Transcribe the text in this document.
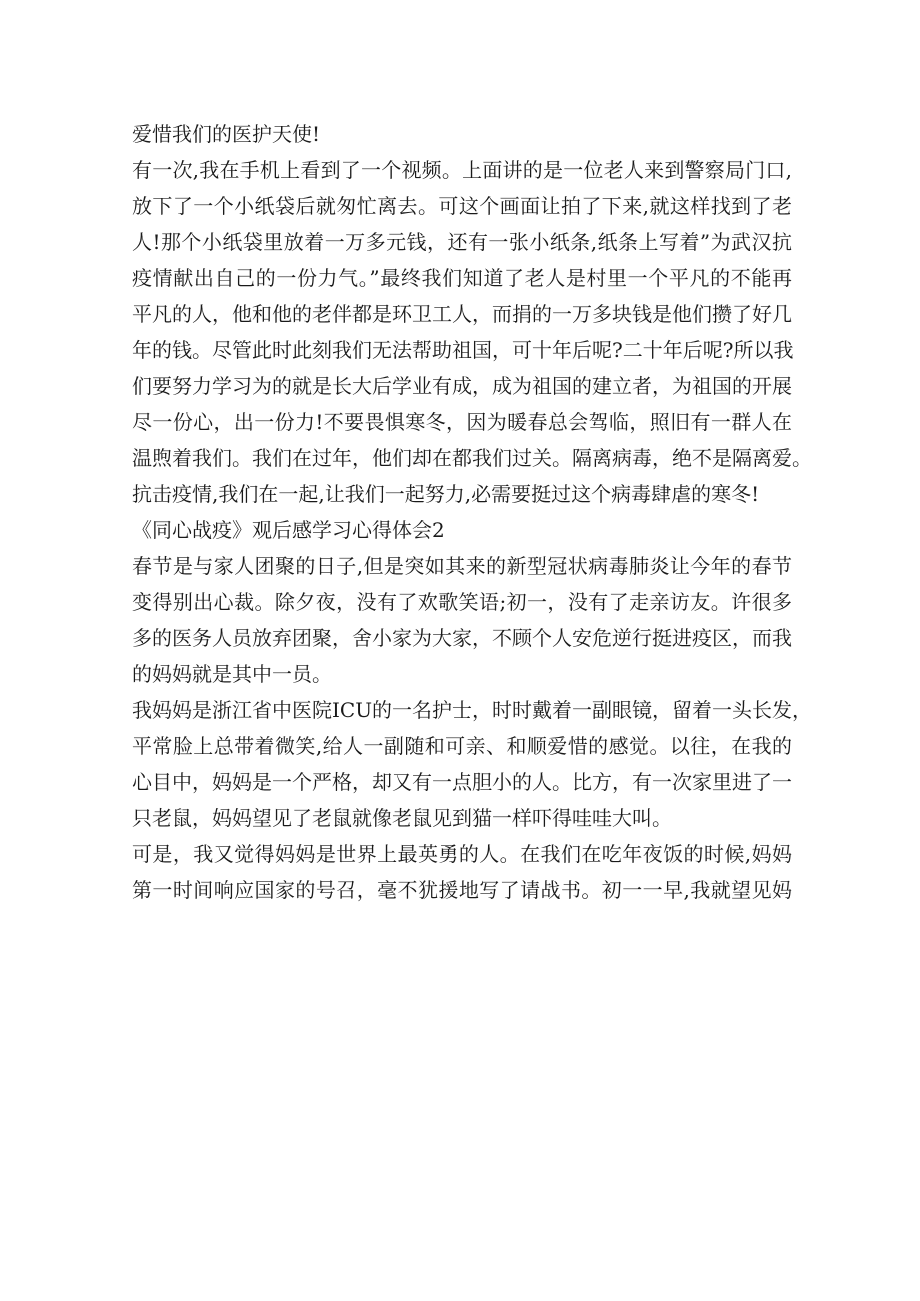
爱惜我们的医护天使!
有一次,我在手机上看到了一个视频。上面讲的是一位老人来到警察局门口,
放下了一个小纸袋后就匆忙离去。可这个画面让拍了下来,就这样找到了老
人!那个小纸袋里放着一万多元钱，还有一张小纸条,纸条上写着”为武汉抗
疫情献出自己的一份力气。”最终我们知道了老人是村里一个平凡的不能再
平凡的人，他和他的老伴都是环卫工人，而捐的一万多块钱是他们攒了好几
年的钱。尽管此时此刻我们无法帮助祖国，可十年后呢?二十年后呢?所以我
们要努力学习为的就是长大后学业有成，成为祖国的建立者，为祖国的开展
尽一份心，出一份力!不要畏惧寒冬，因为暖春总会驾临，照旧有一群人在
温煦着我们。我们在过年，他们却在都我们过关。隔离病毒，绝不是隔离爱。
抗击疫情,我们在一起,让我们一起努力,必需要挺过这个病毒肆虐的寒冬!
《同心战疫》观后感学习心得体会2
春节是与家人团聚的日子,但是突如其来的新型冠状病毒肺炎让今年的春节
变得别出心裁。除夕夜，没有了欢歌笑语;初一，没有了走亲访友。许很多
多的医务人员放弃团聚，舍小家为大家，不顾个人安危逆行挺进疫区，而我
的妈妈就是其中一员。
我妈妈是浙江省中医院ICU的一名护士，时时戴着一副眼镜，留着一头长发，
平常脸上总带着微笑,给人一副随和可亲、和顺爱惜的感觉。以往，在我的
心目中，妈妈是一个严格，却又有一点胆小的人。比方，有一次家里进了一
只老鼠，妈妈望见了老鼠就像老鼠见到猫一样吓得哇哇大叫。
可是，我又觉得妈妈是世界上最英勇的人。在我们在吃年夜饭的时候,妈妈
第一时间响应国家的号召，毫不犹援地写了请战书。初一一早,我就望见妈
